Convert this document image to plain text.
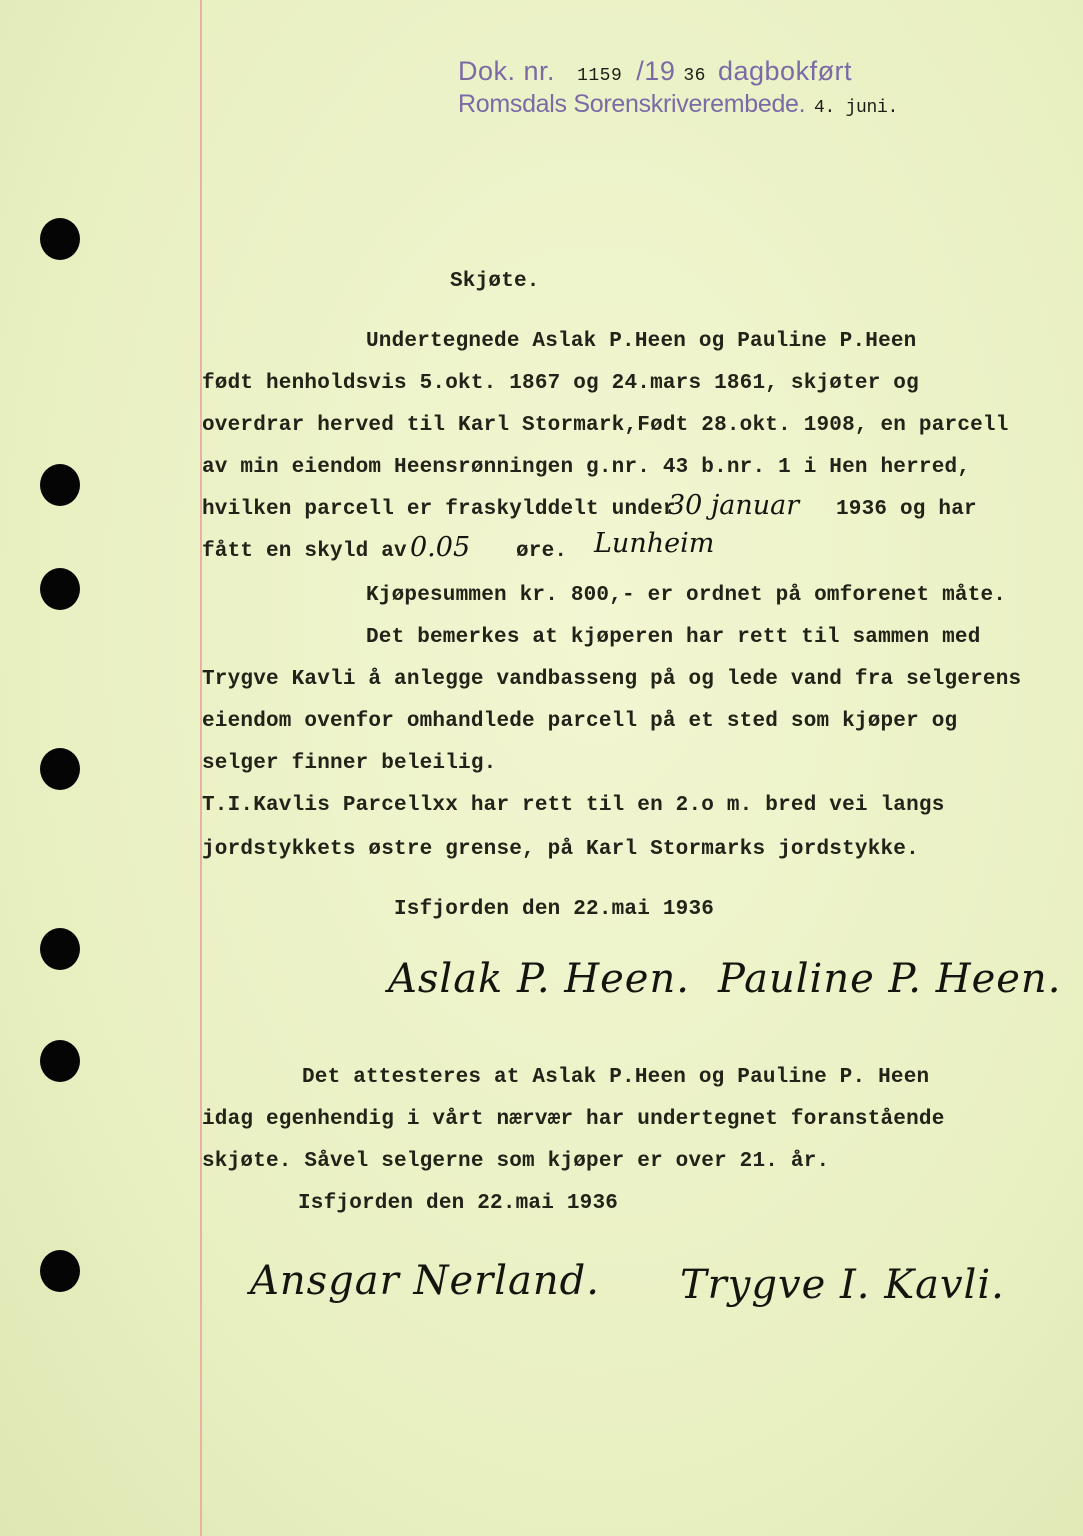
Dok. nr. 1159 /19 36 dagbokført
Romsdals Sorenskriverembede. 4. juni.
Skjøte.
Undertegnede Aslak P.Heen og Pauline P.Heen
født henholdsvis 5.okt. 1867 og 24.mars 1861, skjøter og
overdrar herved til Karl Stormark,Født 28.okt. 1908, en parcell
av min eiendom Heensrønningen g.nr. 43 b.nr. 1 i Hen herred,
hvilken parcell er fraskylddelt under
30 januar 1936 og har
fått en skyld av 0.05 øre. Lunheim
Kjøpesummen kr. 800,- er ordnet på omforenet måte.
Det bemerkes at kjøperen har rett til sammen med
Trygve Kavli å anlegge vandbasseng på og lede vand fra selgerens
eiendom ovenfor omhandlede parcell på et sted som kjøper og
selger finner beleilig.
T.I.Kavlis Parcellxx har rett til en 2.o m. bred vei langs
jordstykkets østre grense, på Karl Stormarks jordstykke.
Isfjorden den 22.mai 1936
Aslak P. Heen. Pauline P. Heen.
Det attesteres at Aslak P.Heen og Pauline P. Heen
idag egenhendig i vårt nærvær har undertegnet foranstående
skjøte. Såvel selgerne som kjøper er over 21. år.
Isfjorden den 22.mai 1936
Ansgar Nerland. Trygve I. Kavli.
